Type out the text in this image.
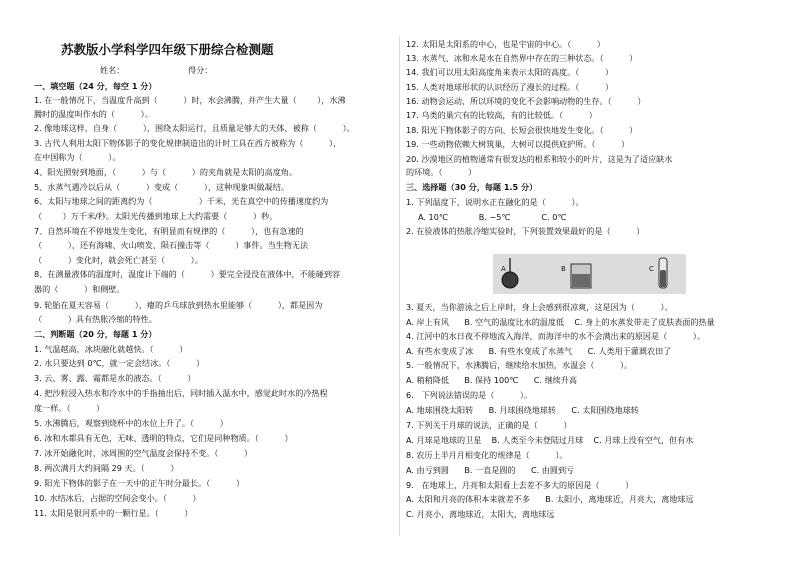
苏教版小学科学四年级下册综合检测题
姓名：	得分：
一、填空题（24 分，每空 1 分）
1. 在一般情况下，当温度升高到（          ）时，水会沸腾，并产生大量（        ），水沸
腾时的温度叫作水的（          ）。
2. 像地球这样，自身（          ），围绕太阳运行，且质量足够大的天体，被称（          ）。
3. 古代人利用太阳下物体影子的变化规律制造出的计时工具在西方被称为（          ），
在中国称为（          ）。
4、阳光照射到地面，（          ）与（          ）的夹角就是太阳的高度角。
5、水蒸气遇冷以后从（          ）变成（          ），这种现象叫做凝结。
6、太阳与地球之间的距离约为（                  ）千米，光在真空中的传播速度约为
（        ）万千米/秒。太阳光传播到地球上大约需要（          ）秒。
7、自然环境在不停地发生变化，有明显而有规律的（          ），也有急速的
（          ），还有海啸、火山喷发、陨石撞击等（          ）事件。当生物无法
（          ）变化时，就会死亡甚至（          ）。
8、在测量液体的温度时，温度计下端的（          ）要完全浸没在液体中，不能碰到容
器的（          ）和侧壁。
9. 轮胎在夏天容易（          ），瘪的乒乓球放到热水里能够（          ），都是因为
（          ）具有热胀冷缩的特性。
二、判断题（20 分，每题 1 分）
1. 气温越高，冰块融化就越快。（          ）
2. 水只要达到 0℃，就一定会结冰。（          ）
3. 云、雾、露、霜都是水的液态。（          ）
4. 把沙粒浸入热水和冷水中的手指抽出后，同时插入温水中，感觉此时水的冷热程
度一样。（          ）
5. 水沸腾后，观察到烧杯中的水位上升了。（          ）
6. 冰和水都具有无色，无味、透明的特点，它们是同种物质。（          ）
7. 冰开始融化时，冰周围的空气温度会保持不变。（          ）
8. 两次满月大约间隔 29 天。（          ）
9. 阳光下物体的影子在一天中的正午时分最长。（          ）
10. 水结冰后，占据的空间会变小。（          ）
11. 太阳是银河系中的一颗行星。（          ）
12. 太阳是太阳系的中心，也是宇宙的中心。（          ）
13. 水蒸气、冰和水是水在自然界中存在的三种状态。（          ）
14. 我们可以用太阳高度角来表示太阳的高度。（          ）
15. 人类对地球形状的认识经历了漫长的过程。（          ）
16. 动物会运动，所以环境的变化不会影响动物的生存。（          ）
17. 乌类的巢穴有的比较高，有的比较低。（          ）
18. 阳光下物体影子的方向、长短会很快地发生变化。（          ）
19. 一些动物依赖大树筑巢，大树可以提供庇护所。（          ）
20. 沙漠地区的植物通常有很发达的根系和较小的叶片，这是为了适应缺水
的环境。（          ）
三、选择题（30 分，每题 1.5 分）
1. 下列温度下，说明水正在融化的是（          ）。
A. 10℃            B. −5℃            C. 0℃
2. 在验液体的热胀冷缩实验时，下列装置效果最好的是（          ）
A	B	C
3. 夏天，当你游泳之后上岸时，身上会感到很凉爽，这是因为（          ）。
A. 岸上有风      B. 空气的温度比水的温度低    C. 身上的水蒸发带走了皮肤表面的热量
4. 江河中的水日夜不停地流入海洋，而海洋中的水不会满出来的原因是（          ）。
A. 有些水变成了冰      B. 有些水变成了水蒸气      C. 人类用于灌溉农田了
5. 一般情况下，水沸腾后，继续给水加热，水温会（          ）。
A. 稍稍降低      B. 保持 100℃      C. 继续升高
6.   下列说法错误的是（          ）。
A. 地球围绕太阳转      B. 月球围绕地球转      C. 太阳围绕地球转
7. 下列关于月球的说法，正确的是（          ）
A. 月球是地球的卫星    B. 人类至今未登陆过月球    C. 月球上没有空气，但有水
8. 农历上半月月相变化的规律是（          ）。
A. 由亏到圆      B. 一直是圆的      C. 由圆到亏
9.   在地球上，月亮和太阳看上去差不多大的原因是（          ）
A. 太阳和月亮的体积本来就差不多      B. 太阳小，离地球近，月亮大，离地球远
C. 月亮小，离地球近，太阳大，离地球远
